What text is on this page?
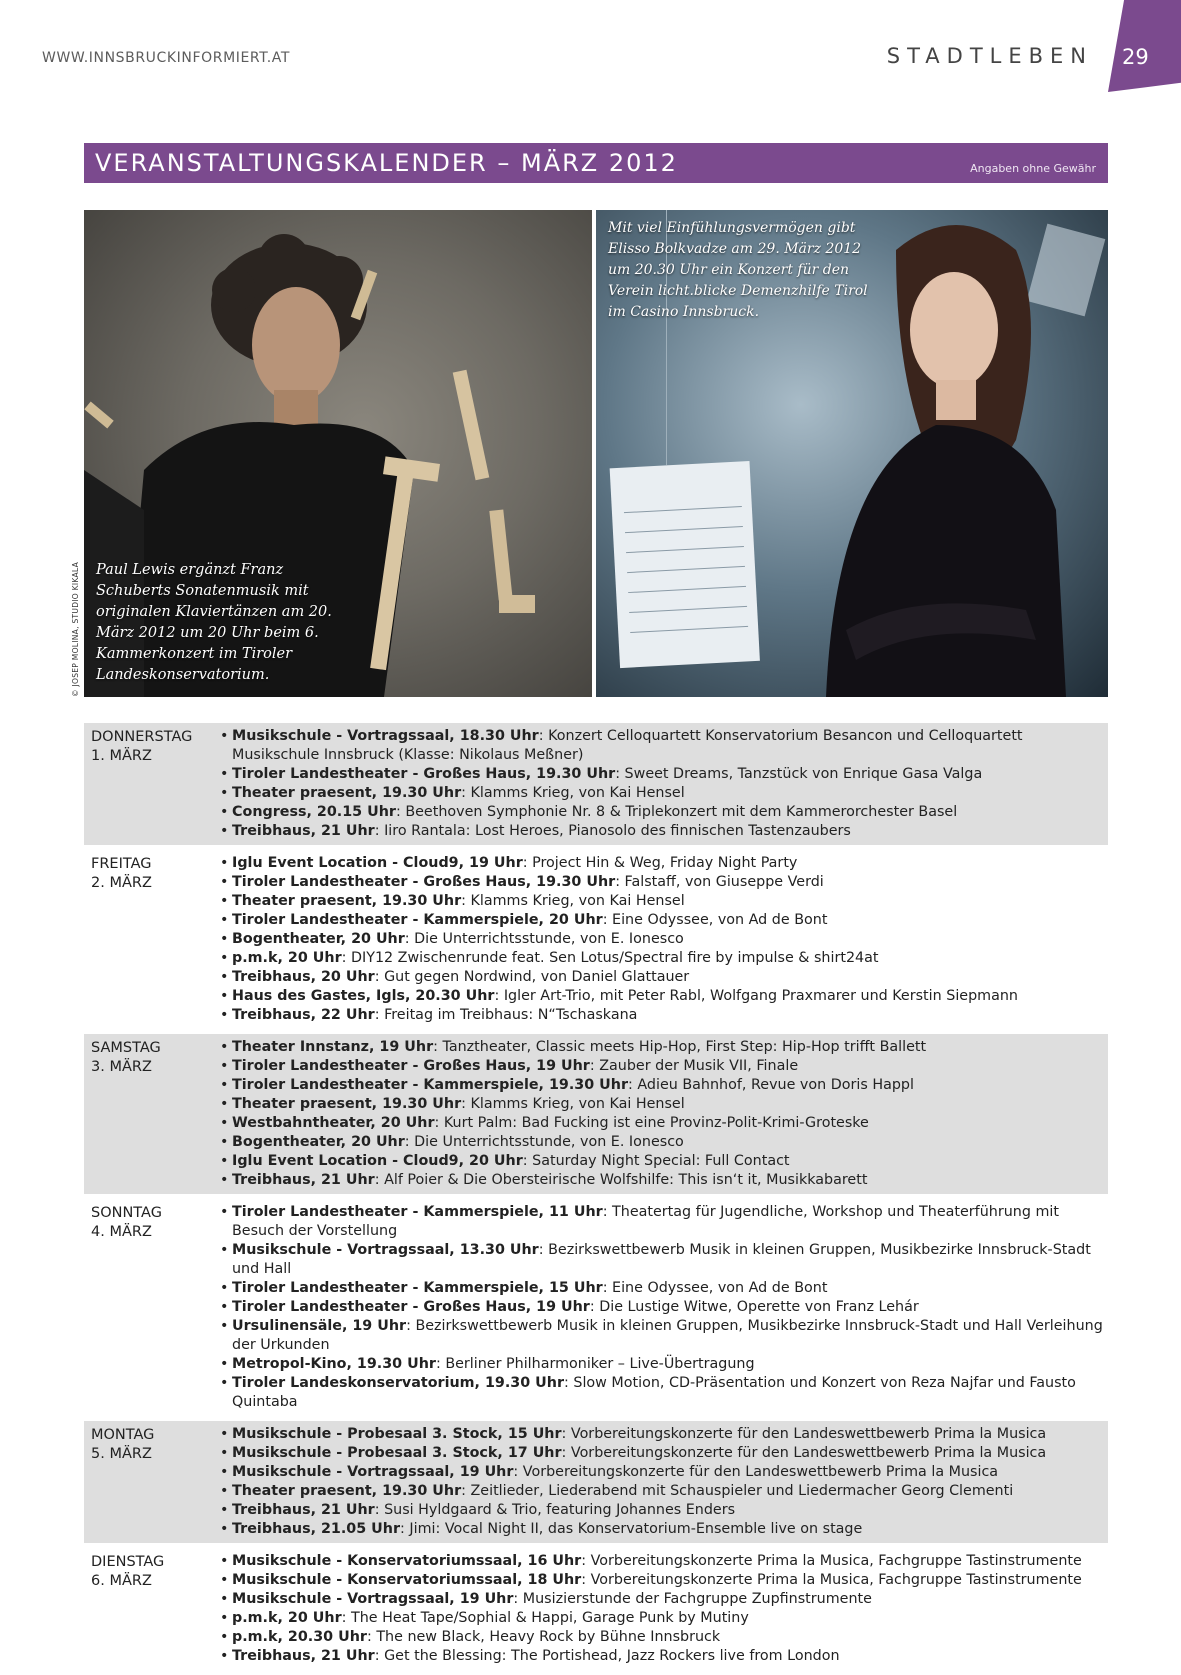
WWW.INNSBRUCKINFORMIERT.AT	STADTLEBEN 29
VERANSTALTUNGSKALENDER – MÄRZ 2012	Angaben ohne Gewähr
Paul Lewis ergänzt Franz Schuberts Sonatenmusik mit originalen Klaviertänzen am 20. März 2012 um 20 Uhr beim 6. Kammerkonzert im Tiroler Landeskonservatorium.
© JOSEP MOLINA, STUDIO KIKALA
Mit viel Einfühlungsvermögen gibt Elisso Bolkvadze am 29. März 2012 um 20.30 Uhr ein Konzert für den Verein licht.blicke Demenzhilfe Tirol im Casino Innsbruck.
DONNERSTAG
1. MÄRZ
• Musikschule - Vortragssaal, 18.30 Uhr: Konzert Celloquartett Konservatorium Besancon und Celloquartett Musikschule Innsbruck (Klasse: Nikolaus Meßner)
• Tiroler Landestheater - Großes Haus, 19.30 Uhr: Sweet Dreams, Tanzstück von Enrique Gasa Valga
• Theater praesent, 19.30 Uhr: Klamms Krieg, von Kai Hensel
• Congress, 20.15 Uhr: Beethoven Symphonie Nr. 8 & Triplekonzert mit dem Kammerorchester Basel
• Treibhaus, 21 Uhr: Iiro Rantala: Lost Heroes, Pianosolo des finnischen Tastenzaubers
FREITAG
2. MÄRZ
• Iglu Event Location - Cloud9, 19 Uhr: Project Hin & Weg, Friday Night Party
• Tiroler Landestheater - Großes Haus, 19.30 Uhr: Falstaff, von Giuseppe Verdi
• Theater praesent, 19.30 Uhr: Klamms Krieg, von Kai Hensel
• Tiroler Landestheater - Kammerspiele, 20 Uhr: Eine Odyssee, von Ad de Bont
• Bogentheater, 20 Uhr: Die Unterrichtsstunde, von E. Ionesco
• p.m.k, 20 Uhr: DIY12 Zwischenrunde feat. Sen Lotus/Spectral fire by impulse & shirt24at
• Treibhaus, 20 Uhr: Gut gegen Nordwind, von Daniel Glattauer
• Haus des Gastes, Igls, 20.30 Uhr: Igler Art-Trio, mit Peter Rabl, Wolfgang Praxmarer und Kerstin Siepmann
• Treibhaus, 22 Uhr: Freitag im Treibhaus: N“Tschaskana
SAMSTAG
3. MÄRZ
• Theater Innstanz, 19 Uhr: Tanztheater, Classic meets Hip-Hop, First Step: Hip-Hop trifft Ballett
• Tiroler Landestheater - Großes Haus, 19 Uhr: Zauber der Musik VII, Finale
• Tiroler Landestheater - Kammerspiele, 19.30 Uhr: Adieu Bahnhof, Revue von Doris Happl
• Theater praesent, 19.30 Uhr: Klamms Krieg, von Kai Hensel
• Westbahntheater, 20 Uhr: Kurt Palm: Bad Fucking ist eine Provinz-Polit-Krimi-Groteske
• Bogentheater, 20 Uhr: Die Unterrichtsstunde, von E. Ionesco
• Iglu Event Location - Cloud9, 20 Uhr: Saturday Night Special: Full Contact
• Treibhaus, 21 Uhr: Alf Poier & Die Obersteirische Wolfshilfe: This isn‘t it, Musikkabarett
SONNTAG
4. MÄRZ
• Tiroler Landestheater - Kammerspiele, 11 Uhr: Theatertag für Jugendliche, Workshop und Theaterführung mit Besuch der Vorstellung
• Musikschule - Vortragssaal, 13.30 Uhr: Bezirkswettbewerb Musik in kleinen Gruppen, Musikbezirke Innsbruck-Stadt und Hall
• Tiroler Landestheater - Kammerspiele, 15 Uhr: Eine Odyssee, von Ad de Bont
• Tiroler Landestheater - Großes Haus, 19 Uhr: Die Lustige Witwe, Operette von Franz Lehár
• Ursulinensäle, 19 Uhr: Bezirkswettbewerb Musik in kleinen Gruppen, Musikbezirke Innsbruck-Stadt und Hall Verleihung der Urkunden
• Metropol-Kino, 19.30 Uhr: Berliner Philharmoniker – Live-Übertragung
• Tiroler Landeskonservatorium, 19.30 Uhr: Slow Motion, CD-Präsentation und Konzert von Reza Najfar und Fausto Quintaba
MONTAG
5. MÄRZ
• Musikschule - Probesaal 3. Stock, 15 Uhr: Vorbereitungskonzerte für den Landeswettbewerb Prima la Musica
• Musikschule - Probesaal 3. Stock, 17 Uhr: Vorbereitungskonzerte für den Landeswettbewerb Prima la Musica
• Musikschule - Vortragssaal, 19 Uhr: Vorbereitungskonzerte für den Landeswettbewerb Prima la Musica
• Theater praesent, 19.30 Uhr: Zeitlieder, Liederabend mit Schauspieler und Liedermacher Georg Clementi
• Treibhaus, 21 Uhr: Susi Hyldgaard & Trio, featuring Johannes Enders
• Treibhaus, 21.05 Uhr: Jimi: Vocal Night II, das Konservatorium-Ensemble live on stage
DIENSTAG
6. MÄRZ
• Musikschule - Konservatoriumssaal, 16 Uhr: Vorbereitungskonzerte Prima la Musica, Fachgruppe Tastinstrumente
• Musikschule - Konservatoriumssaal, 18 Uhr: Vorbereitungskonzerte Prima la Musica, Fachgruppe Tastinstrumente
• Musikschule - Vortragssaal, 19 Uhr: Musizierstunde der Fachgruppe Zupfinstrumente
• p.m.k, 20 Uhr: The Heat Tape/Sophial & Happi, Garage Punk by Mutiny
• p.m.k, 20.30 Uhr: The new Black, Heavy Rock by Bühne Innsbruck
• Treibhaus, 21 Uhr: Get the Blessing: The Portishead, Jazz Rockers live from London
